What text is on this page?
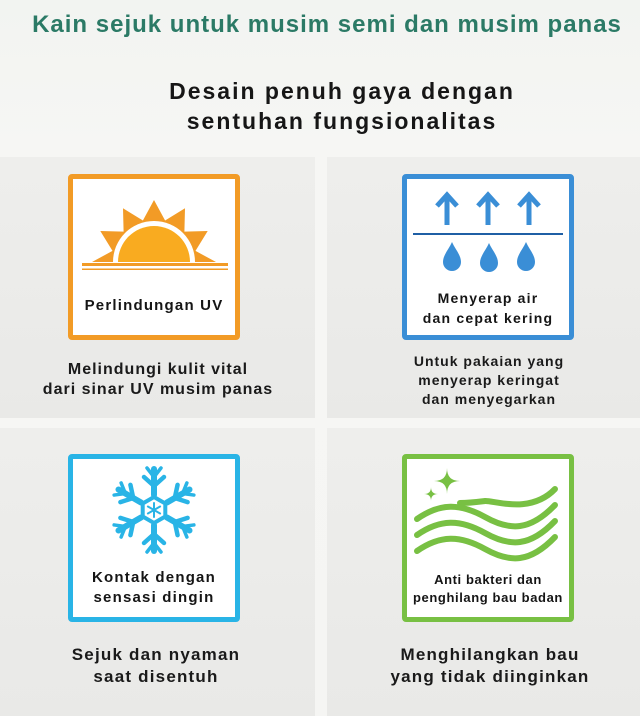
Kain sejuk untuk musim semi dan musim panas
Desain penuh gaya dengan
sentuhan fungsionalitas
Perlindungan UV
Melindungi kulit vital
dari sinar UV musim panas
Menyerap air
dan cepat kering
Untuk pakaian yang
menyerap keringat
dan menyegarkan
Kontak dengan
sensasi dingin
Sejuk dan nyaman
saat disentuh
Anti bakteri dan
penghilang bau badan
Menghilangkan bau
yang tidak diinginkan
